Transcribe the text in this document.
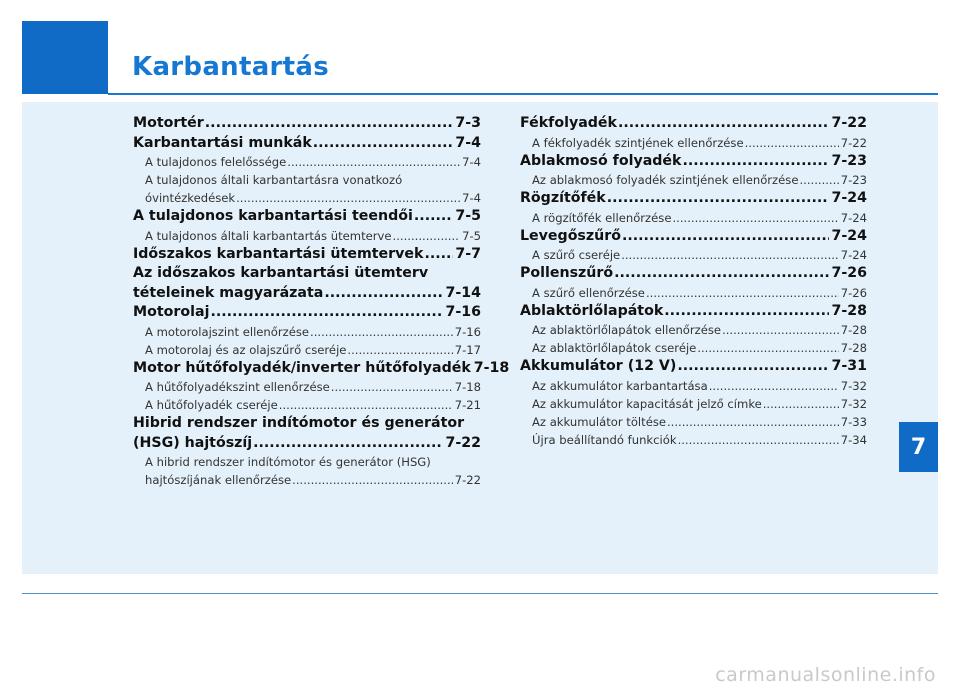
Karbantartás
Motortér .....	7-3
Karbantartási munkák .....	7-4
A tulajdonos felelőssége .....	7-4
A tulajdonos általi karbantartásra vonatkozó
óvintézkedések .....	7-4
A tulajdonos karbantartási teendői .....	7-5
A tulajdonos általi karbantartás ütemterve .....	7-5
Időszakos karbantartási ütemtervek ..... 7-7
Az időszakos karbantartási ütemterv
tételeinek magyarázata .....	7-14
Motorolaj .....	7-16
A motorolajszint ellenőrzése .....	7-16
A motorolaj és az olajszűrő cseréje .....	7-17
Motor hűtőfolyadék/inverter hűtőfolyadék 7-18
A hűtőfolyadékszint ellenőrzése .....	7-18
A hűtőfolyadék cseréje .....	7-21
Hibrid rendszer indítómotor és generátor
(HSG) hajtószíj .....	7-22
A hibrid rendszer indítómotor és generátor (HSG)
hajtószíjának ellenőrzése .....	7-22
Fékfolyadék .....	7-22
A fékfolyadék szintjének ellenőrzése .....	7-22
Ablakmosó folyadék .....	7-23
Az ablakmosó folyadék szintjének ellenőrzése .....	7-23
Rögzítőfék .....	7-24
A rögzítőfék ellenőrzése .....	7-24
Levegőszűrő .....	7-24
A szűrő cseréje .....	7-24
Pollenszűrő .....	7-26
A szűrő ellenőrzése .....	7-26
Ablaktörlőlapátok .....	7-28
Az ablaktörlőlapátok ellenőrzése .....	7-28
Az ablaktörlőlapátok cseréje .....	7-28
Akkumulátor (12 V) .....	7-31
Az akkumulátor karbantartása .....	7-32
Az akkumulátor kapacitását jelző címke .....	7-32
Az akkumulátor töltése .....	7-33
Újra beállítandó funkciók .....	7-34	7
carmanualsonline.info
